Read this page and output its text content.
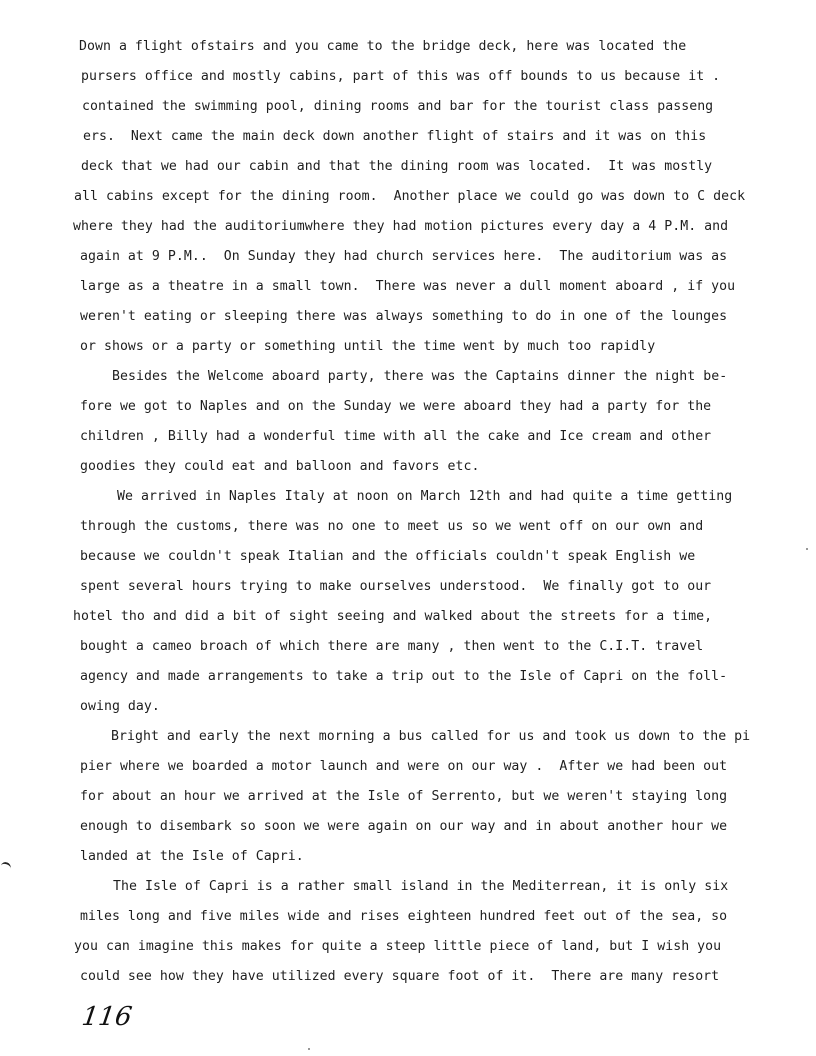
Down a flight ofstairs and you came to the bridge deck, here was located the
pursers office and mostly cabins, part of this was off bounds to us because it .
contained the swimming pool, dining rooms and bar for the tourist class passeng
ers.  Next came the main deck down another flight of stairs and it was on this
deck that we had our cabin and that the dining room was located.  It was mostly
all cabins except for the dining room.  Another place we could go was down to C deck
where they had the auditoriumwhere they had motion pictures every day a 4 P.M. and
again at 9 P.M..  On Sunday they had church services here.  The auditorium was as
large as a theatre in a small town.  There was never a dull moment aboard , if you
weren't eating or sleeping there was always something to do in one of the lounges
or shows or a party or something until the time went by much too rapidly
Besides the Welcome aboard party, there was the Captains dinner the night be-
fore we got to Naples and on the Sunday we were aboard they had a party for the
children , Billy had a wonderful time with all the cake and Ice cream and other
goodies they could eat and balloon and favors etc.
We arrived in Naples Italy at noon on March 12th and had quite a time getting
through the customs, there was no one to meet us so we went off on our own and
because we couldn't speak Italian and the officials couldn't speak English we
spent several hours trying to make ourselves understood.  We finally got to our
hotel tho and did a bit of sight seeing and walked about the streets for a time,
bought a cameo broach of which there are many , then went to the C.I.T. travel
agency and made arrangements to take a trip out to the Isle of Capri on the foll-
owing day.
Bright and early the next morning a bus called for us and took us down to the pi
pier where we boarded a motor launch and were on our way .  After we had been out
for about an hour we arrived at the Isle of Serrento, but we weren't staying long
enough to disembark so soon we were again on our way and in about another hour we
landed at the Isle of Capri.
The Isle of Capri is a rather small island in the Mediterrean, it is only six
miles long and five miles wide and rises eighteen hundred feet out of the sea, so
you can imagine this makes for quite a steep little piece of land, but I wish you
could see how they have utilized every square foot of it.  There are many resort
116
